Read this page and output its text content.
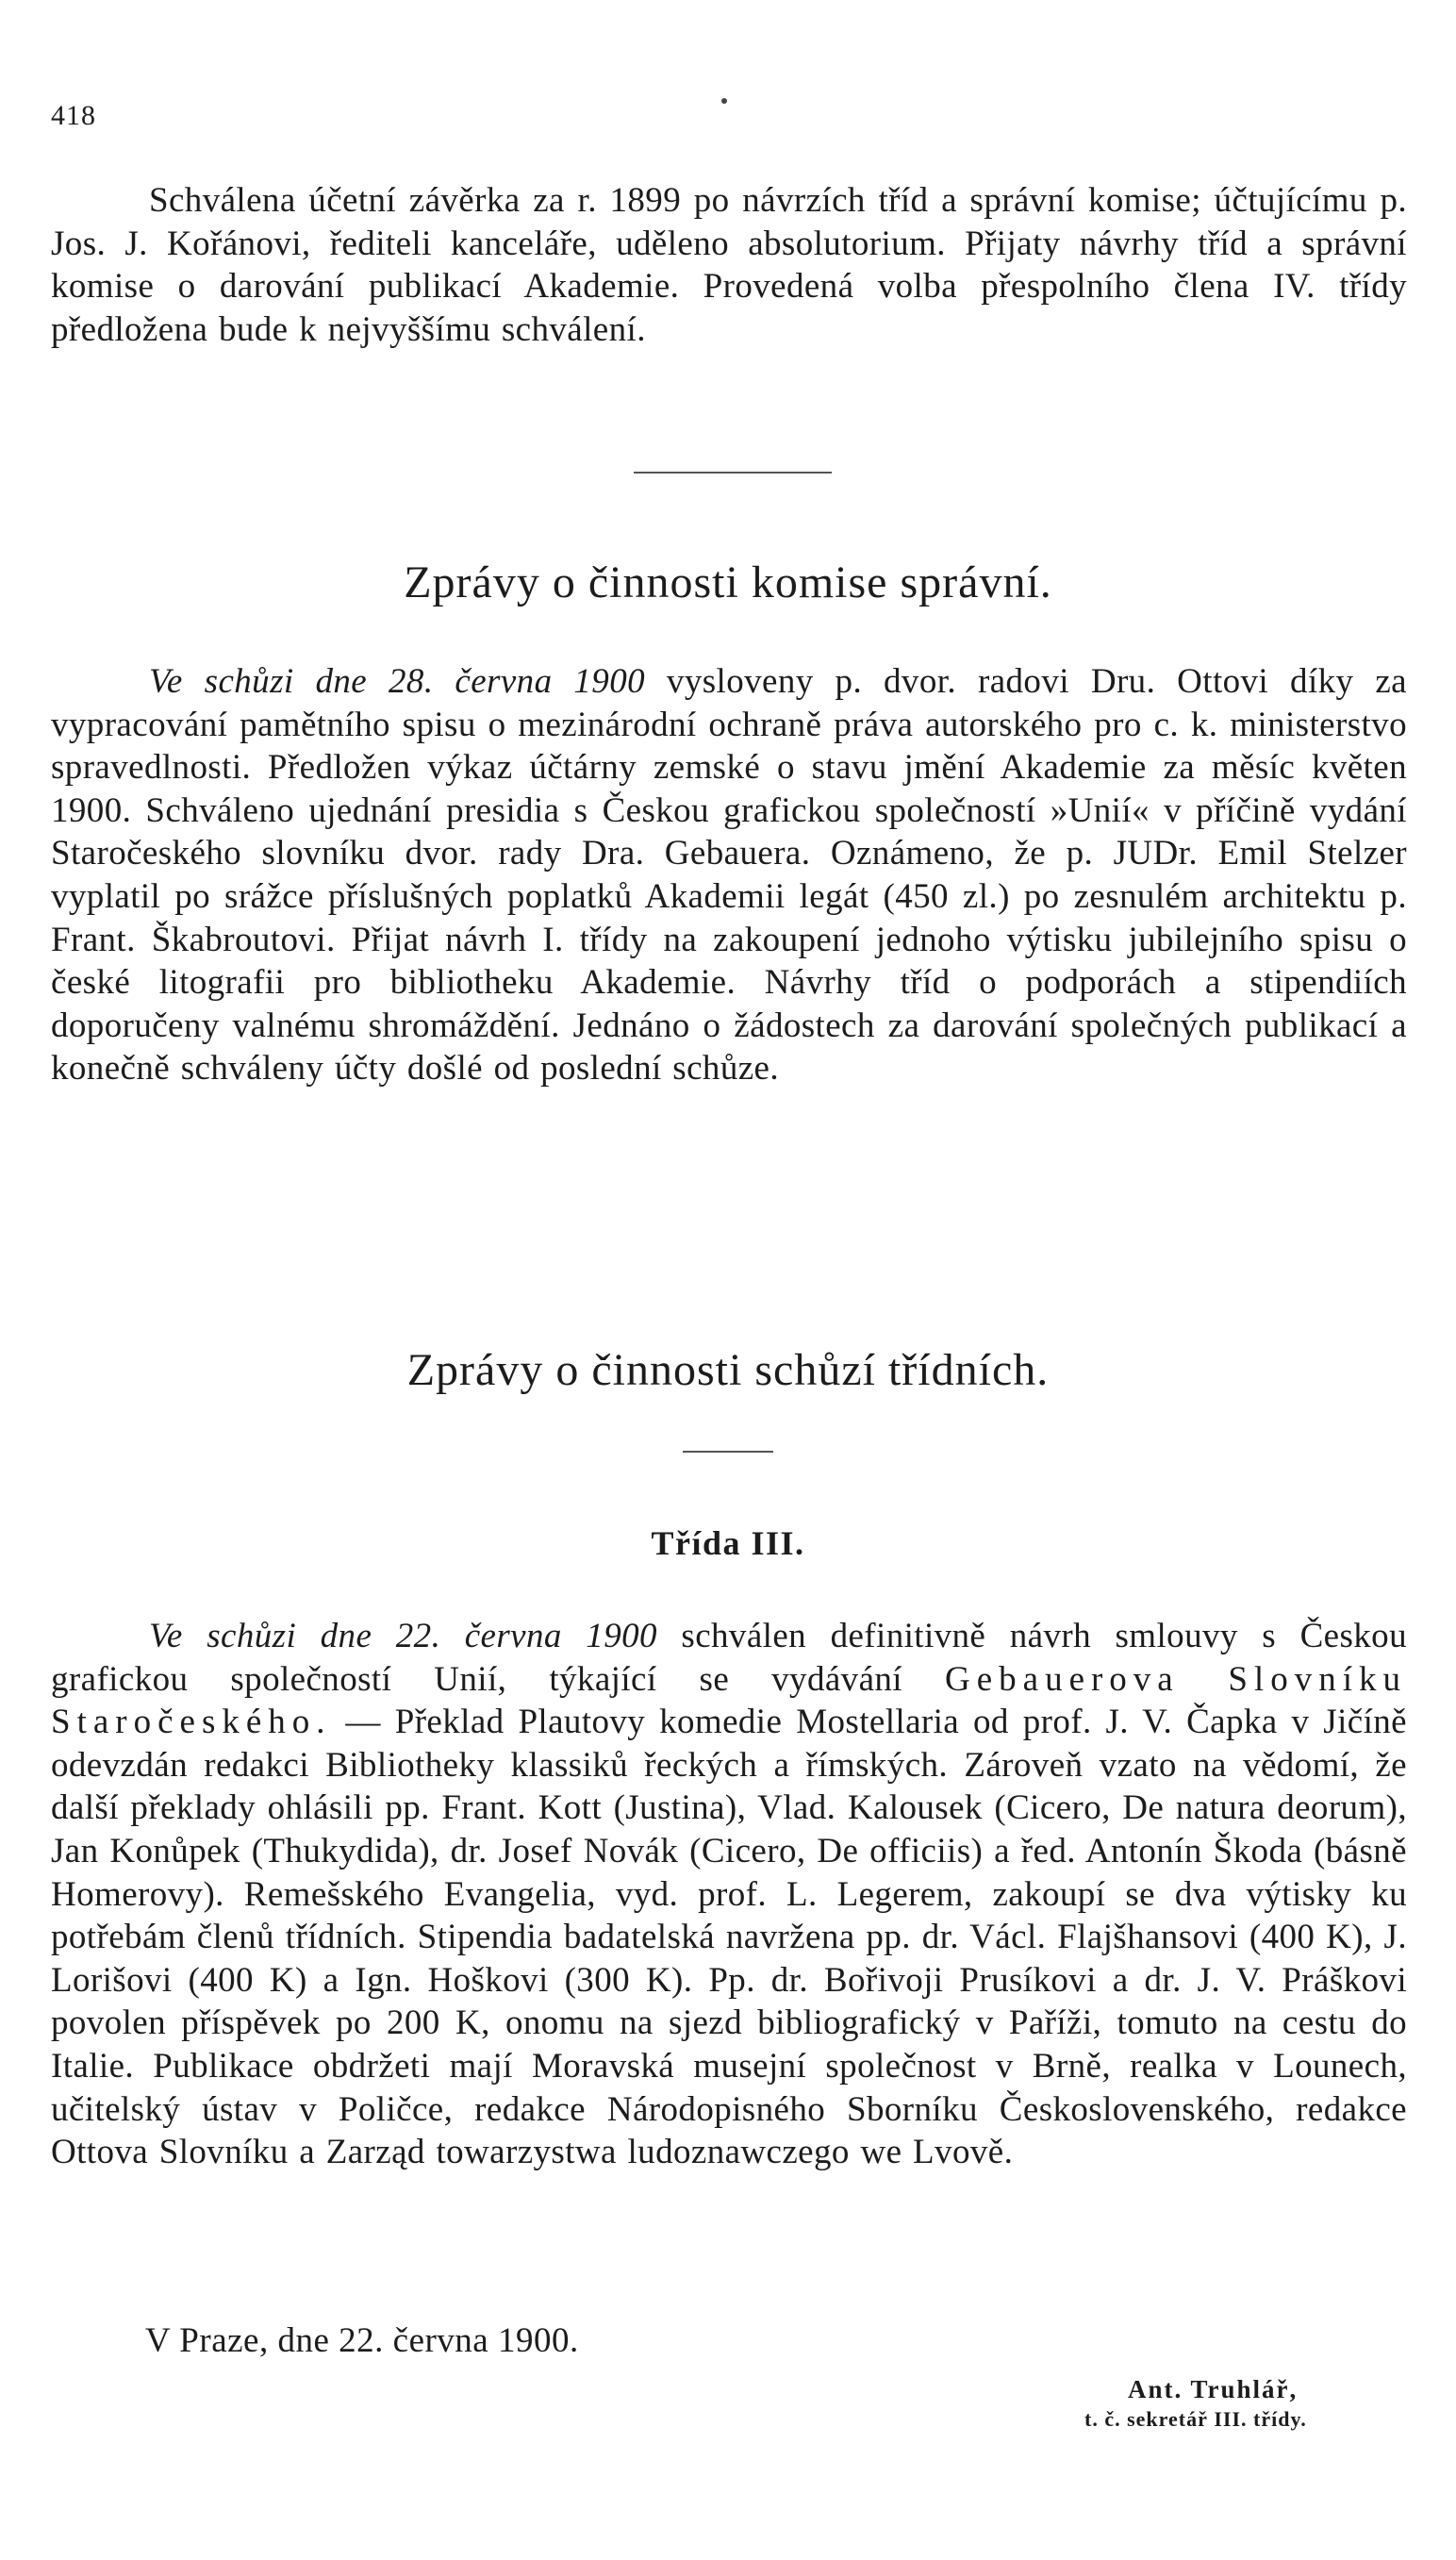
418

Schválena účetní závěrka za r. 1899 po návrzích tříd a správní komise; účtujícímu p. Jos. J. Kořánovi, řediteli kanceláře, uděleno absolutorium. Přijaty návrhy tříd a správní komise o darování publikací Akademie. Provedená volba přespolního člena IV. třídy předložena bude k nejvyššímu schválení.

Zprávy o činnosti komise správní.

Ve schůzi dne 28. června 1900 vysloveny p. dvor. radovi Dru. Ottovi díky za vypracování pamětního spisu o mezinárodní ochraně práva autorského pro c. k. ministerstvo spravedlnosti. Předložen výkaz účtárny zemské o stavu jmění Akademie za měsíc květen 1900. Schváleno ujednání presidia s Českou grafickou společností »Unií« v příčině vydání Staročeského slovníku dvor. rady Dra. Gebauera. Oznámeno, že p. JUDr. Emil Stelzer vyplatil po srážce příslušných poplatků Akademii legát (450 zl.) po zesnulém architektu p. Frant. Škabroutovi. Přijat návrh I. třídy na zakoupení jednoho výtisku jubilejního spisu o české litografii pro bibliotheku Akademie. Návrhy tříd o podporách a stipendiích doporučeny valnému shromáždění. Jednáno o žádostech za darování společných publikací a konečně schváleny účty došlé od poslední schůze.

Zprávy o činnosti schůzí třídních.
Třída III.

Ve schůzi dne 22. června 1900 schválen definitivně návrh smlouvy s Českou grafickou společností Unií, týkající se vydávání Gebauerova Slovníku Staročeského. — Překlad Plautovy komedie Mostellaria od prof. J. V. Čapka v Jičíně odevzdán redakci Bibliotheky klassiků řeckých a římských. Zároveň vzato na vědomí, že další překlady ohlásili pp. Frant. Kott (Justina), Vlad. Kalousek (Cicero, De natura deorum), Jan Konůpek (Thukydida), dr. Josef Novák (Cicero, De officiis) a řed. Antonín Škoda (básně Homerovy). Remešského Evangelia, vyd. prof. L. Legerem, zakoupí se dva výtisky ku potřebám členů třídních. Stipendia badatelská navržena pp. dr. Václ. Flajšhansovi (400 K), J. Lorišovi (400 K) a Ign. Hoškovi (300 K). Pp. dr. Bořivoji Prusíkovi a dr. J. V. Práškovi povolen příspěvek po 200 K, onomu na sjezd bibliografický v Paříži, tomuto na cestu do Italie. Publikace obdržeti mají Moravská musejní společnost v Brně, realka v Lounech, učitelský ústav v Poličce, redakce Národopisného Sborníku Československého, redakce Ottova Slovníku a Zarząd towarzystwa ludoznawczego we Lvově.

V Praze, dne 22. června 1900.
Ant. Truhlář,
t. č. sekretář III. třídy.
